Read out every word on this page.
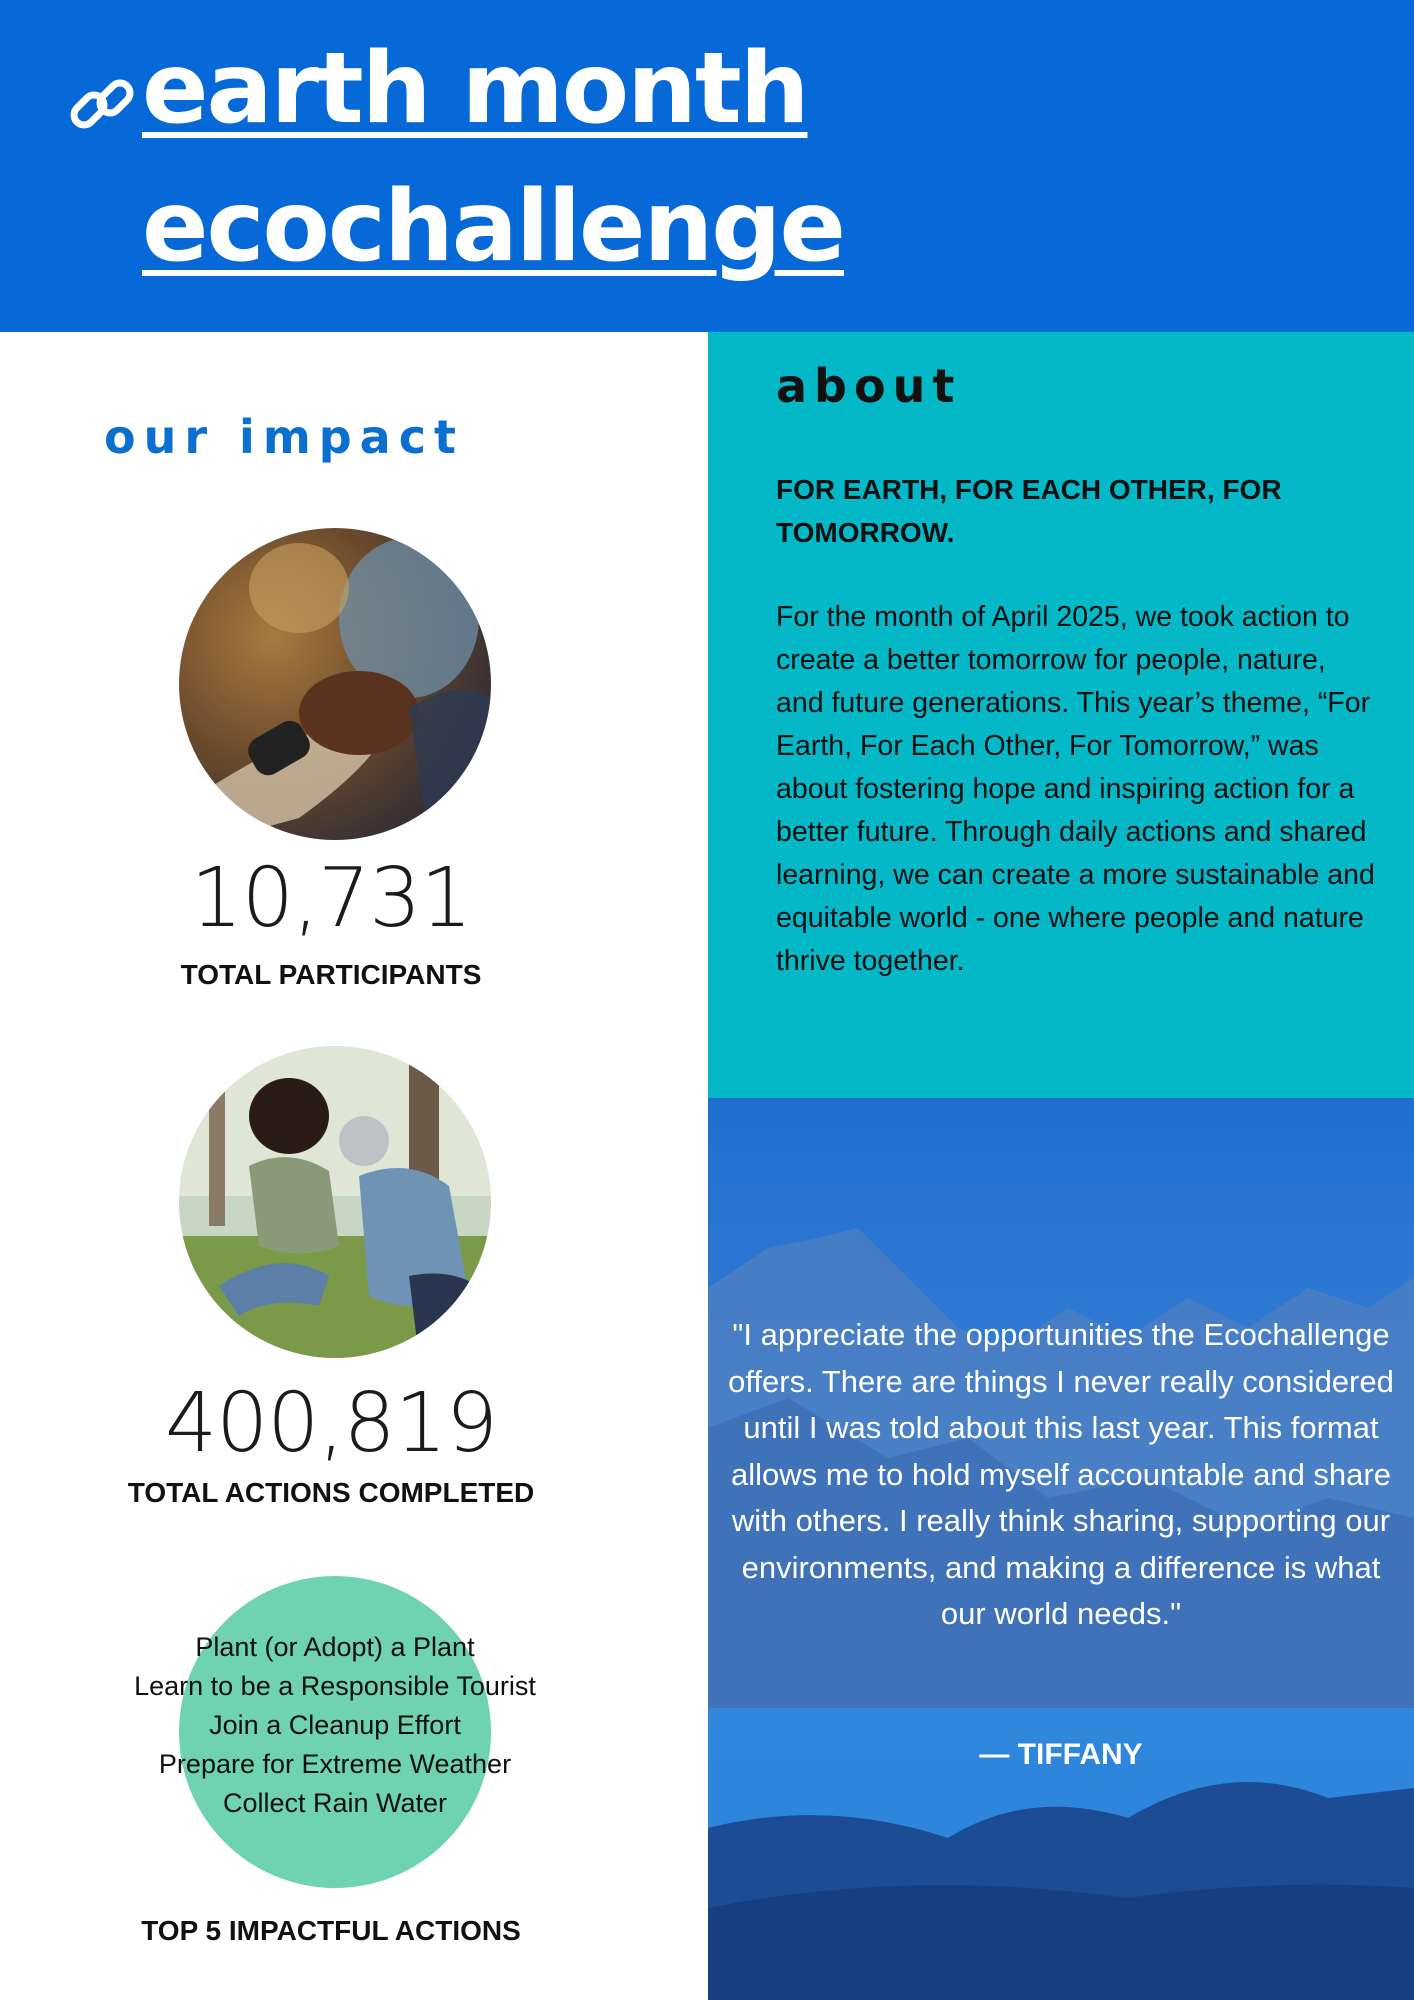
earth month
ecochallenge
our impact
10,731
TOTAL PARTICIPANTS
400,819
TOTAL ACTIONS COMPLETED
Plant (or Adopt) a Plant
Learn to be a Responsible Tourist
Join a Cleanup Effort
Prepare for Extreme Weather
Collect Rain Water
TOP 5 IMPACTFUL ACTIONS
about
FOR EARTH, FOR EACH OTHER, FOR TOMORROW.
For the month of April 2025, we took action to create a better tomorrow for people, nature, and future generations. This year’s theme, “For Earth, For Each Other, For Tomorrow,” was about fostering hope and inspiring action for a better future. Through daily actions and shared learning, we can create a more sustainable and equitable world - one where people and nature thrive together.
"I appreciate the opportunities the Ecochallenge offers. There are things I never really considered until I was told about this last year. This format allows me to hold myself accountable and share with others. I really think sharing, supporting our environments, and making a difference is what our world needs."
— TIFFANY
